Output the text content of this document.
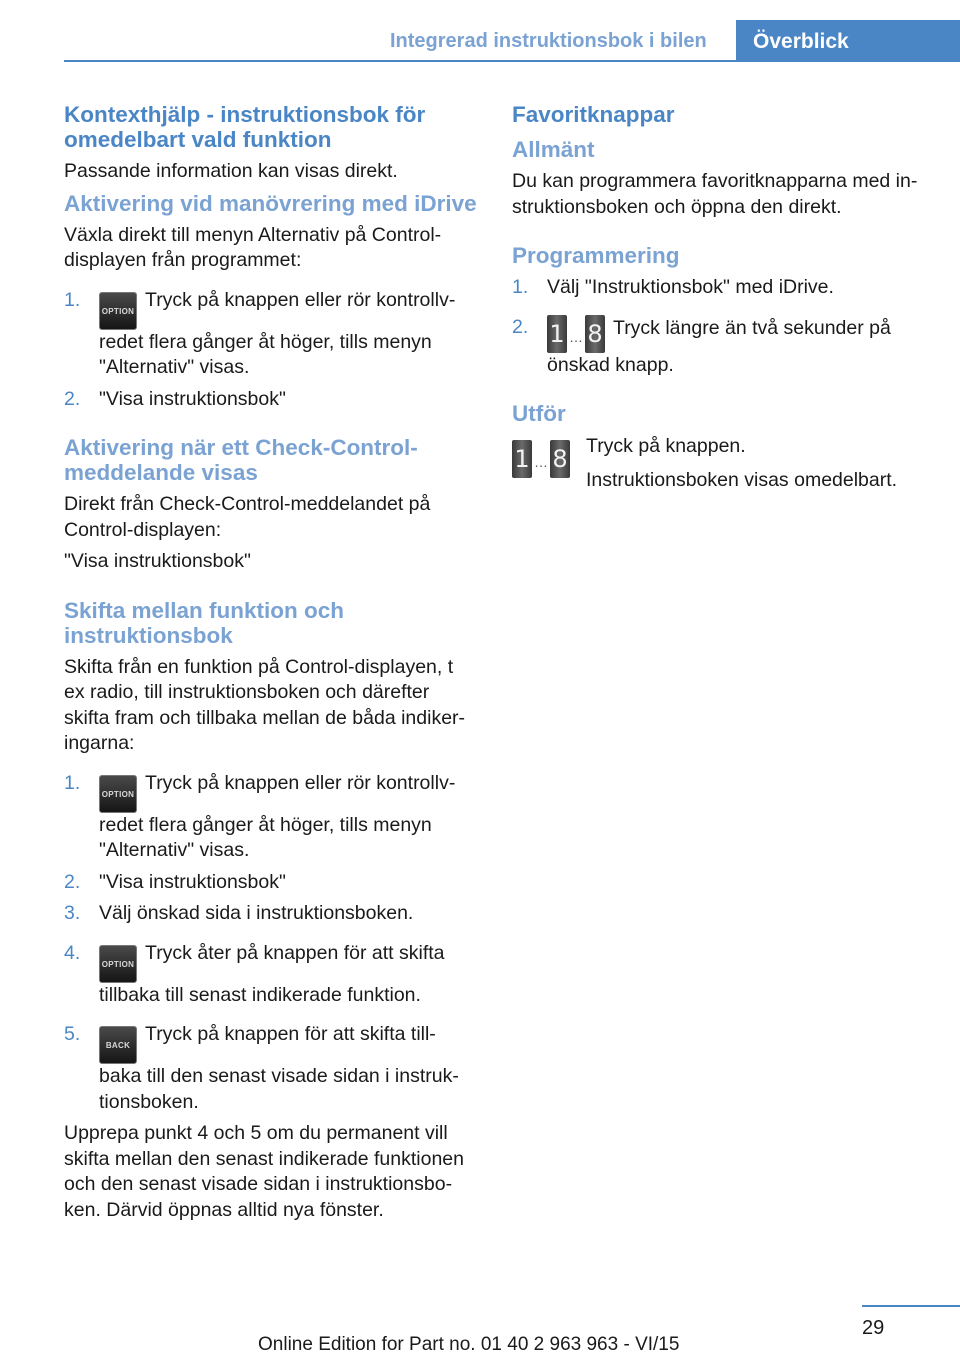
Integrerad instruktionsbok i bilen	Överblick
Kontexthjälp - instruktionsbok för omedelbart vald funktion
Passande information kan visas direkt.
Aktivering vid manövrering med iDrive
Växla direkt till menyn Alternativ på Control-displayen från programmet:
1.
OPTIONTryck på knappen eller rör kontrollv-redet flera gånger åt höger, tills menyn "Alternativ" visas.
2. "Visa instruktionsbok"
Aktivering när ett Check-Control-meddelande visas
Direkt från Check-Control-meddelandet på Control-displayen:
"Visa instruktionsbok"
Skifta mellan funktion och instruktionsbok
Skifta från en funktion på Control-displayen, t ex radio, till instruktionsboken och därefter skifta fram och tillbaka mellan de båda indiker-ingarna:
1.
OPTIONTryck på knappen eller rör kontrollv-redet flera gånger åt höger, tills menyn "Alternativ" visas.
2. "Visa instruktionsbok"
3. Välj önskad sida i instruktionsboken.
4.
OPTIONTryck åter på knappen för att skifta tillbaka till senast indikerade funktion.
5.
BACKTryck på knappen för att skifta till-baka till den senast visade sidan i instruk-tionsboken.
Upprepa punkt 4 och 5 om du permanent vill skifta mellan den senast indikerade funktionen och den senast visade sidan i instruktionsbo-ken. Därvid öppnas alltid nya fönster.
Favoritknappar
Allmänt
Du kan programmera favoritknapparna med in-struktionsboken och öppna den direkt.
Programmering
1. Välj "Instruktionsbok" med iDrive.
2. 1 … 8 Tryck längre än två sekunder på önskad knapp.
Utför
1 … 8 Tryck på knappen.
Instruktionsboken visas omedelbart.
29
Online Edition for Part no. 01 40 2 963 963 - VI/15
